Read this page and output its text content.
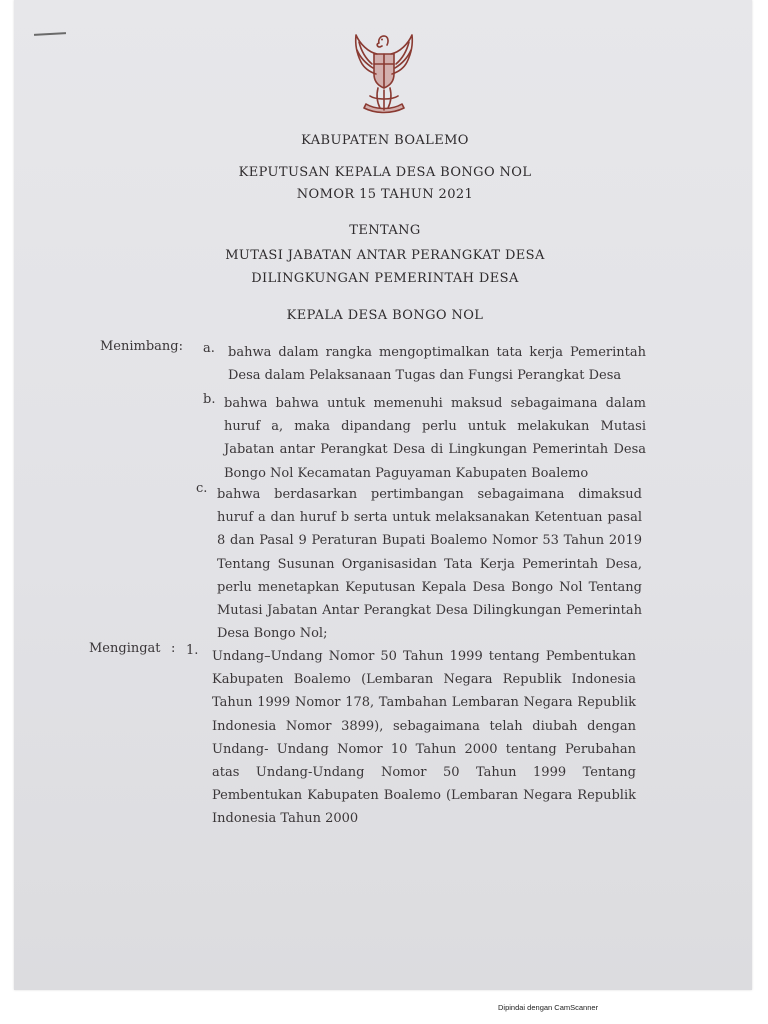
KABUPATEN BOALEMO
KEPUTUSAN KEPALA DESA BONGO NOL
NOMOR 15 TAHUN 2021
TENTANG
MUTASI JABATAN ANTAR PERANGKAT DESA
DILINGKUNGAN PEMERINTAH DESA
KEPALA DESA BONGO NOL
Menimbang: a. bahwa dalam rangka mengoptimalkan tata kerja Pemerintah Desa dalam Pelaksanaan Tugas dan Fungsi Perangkat Desa
b. bahwa bahwa untuk memenuhi maksud sebagaimana dalam huruf a, maka dipandang perlu untuk melakukan Mutasi Jabatan antar Perangkat Desa di Lingkungan Pemerintah Desa Bongo Nol Kecamatan Paguyaman Kabupaten Boalemo
c. bahwa berdasarkan pertimbangan sebagaimana dimaksud huruf a dan huruf b serta untuk melaksanakan Ketentuan pasal 8 dan Pasal 9 Peraturan Bupati Boalemo Nomor 53 Tahun 2019 Tentang Susunan Organisasidan Tata Kerja Pemerintah Desa, perlu menetapkan Keputusan Kepala Desa Bongo Nol Tentang Mutasi Jabatan Antar Perangkat Desa Dilingkungan Pemerintah Desa Bongo Nol;
Mengingat : 1. Undang–Undang Nomor 50 Tahun 1999 tentang Pembentukan Kabupaten Boalemo (Lembaran Negara Republik Indonesia Tahun 1999 Nomor 178, Tambahan Lembaran Negara Republik Indonesia Nomor 3899), sebagaimana telah diubah dengan Undang- Undang Nomor 10 Tahun 2000 tentang Perubahan atas Undang-Undang Nomor 50 Tahun 1999 Tentang Pembentukan Kabupaten Boalemo (Lembaran Negara Republik Indonesia Tahun 2000
Dipindai dengan CamScanner
